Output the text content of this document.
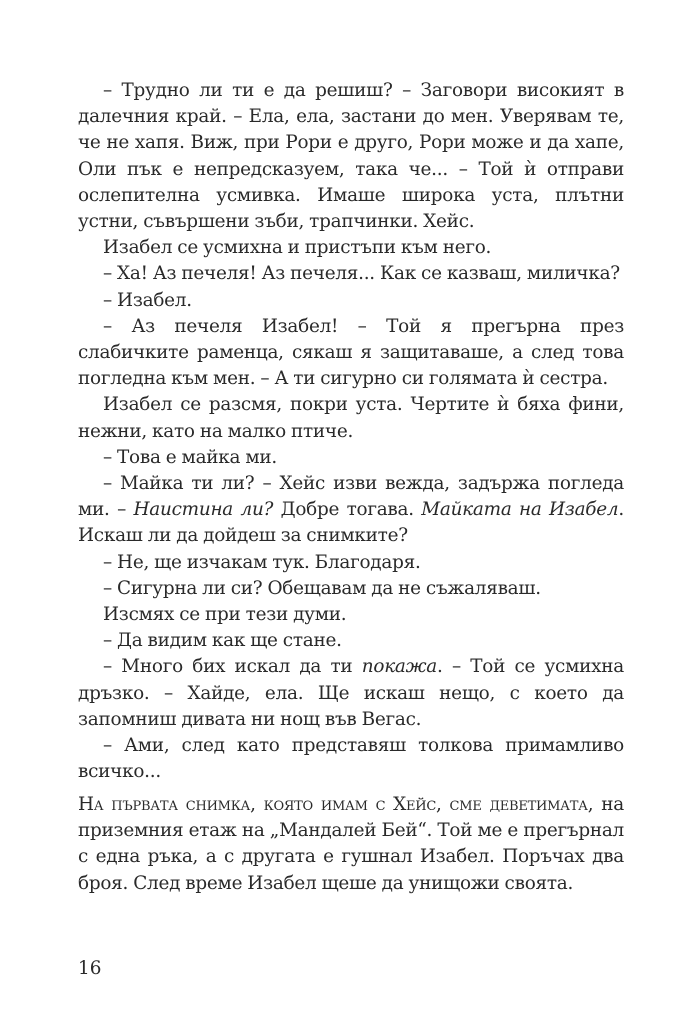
– Трудно ли ти е да решиш? – Заговори високият в далечния край. – Ела, ела, застани до мен. Уверявам те, че не хапя. Виж, при Рори е друго, Рори може и да хапе, Оли пък е непредсказуем, така че... – Той ѝ отправи ослепителна усмивка. Имаше широка уста, плътни устни, съвършени зъби, трапчинки. Хейс.

Изабел се усмихна и пристъпи към него.

– Ха! Аз печеля! Аз печеля... Как се казваш, миличка?

– Изабел.

– Аз печеля Изабел! – Той я прегърна през слабичките раменца, сякаш я защитаваше, а след това погледна към мен. – А ти сигурно си голямата ѝ сестра.

Изабел се разсмя, покри уста. Чертите ѝ бяха фини, нежни, като на малко птиче.

– Това е майка ми.

– Майка ти ли? – Хейс изви вежда, задържа погледа ми. – Наистина ли? Добре тогава. Майката на Изабел. Искаш ли да дойдеш за снимките?

– Не, ще изчакам тук. Благодаря.

– Сигурна ли си? Обещавам да не съжаляваш.

Изсмях се при тези думи.

– Да видим как ще стане.

– Много бих искал да ти покажа. – Той се усмихна дръзко. – Хайде, ела. Ще искаш нещо, с което да запомниш дивата ни нощ във Вегас.

– Ами, след като представяш толкова примамливо всичко...

На първата снимка, която имам с Хейс, сме деветимата, на приземния етаж на „Мандалей Бей“. Той ме е прегърнал с една ръка, а с другата е гушнал Изабел. Поръчах два броя. След време Изабел щеше да унищожи своята.

16
